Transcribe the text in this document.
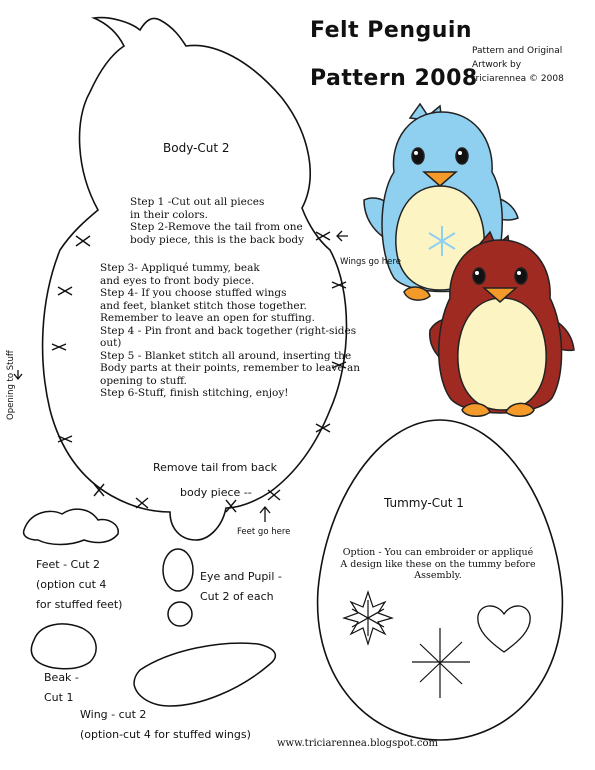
Felt Penguin
Pattern 2008
Pattern and Original
Artwork by
triciarennea © 2008
Body-Cut 2
Step 1 -Cut out all pieces
in their colors.
Step 2-Remove the tail from one
body piece, this is the back body
Step 3- Appliqué tummy, beak
and eyes to front body piece.
Step 4- If you choose stuffed wings
and feet, blanket stitch those together.
Remember to leave an open for stuffing.
Step 4 - Pin front and back together (right-sides out)
Step 5 - Blanket stitch all around, inserting the
Body parts at their points, remember to leave an
opening to stuff.
Step 6-Stuff, finish stitching, enjoy!
Wings go here
Opening to Stuff
Remove tail from back
body piece --
Feet go here
Feet - Cut 2
(option cut 4
for stuffed feet)
Eye and Pupil -
Cut 2 of each
Beak -
Cut 1
Wing - cut 2
(option-cut 4 for stuffed wings)
Tummy-Cut 1
Option - You can embroider or appliqué
A design like these on the tummy before
Assembly.
www.triciarennea.blogspot.com
